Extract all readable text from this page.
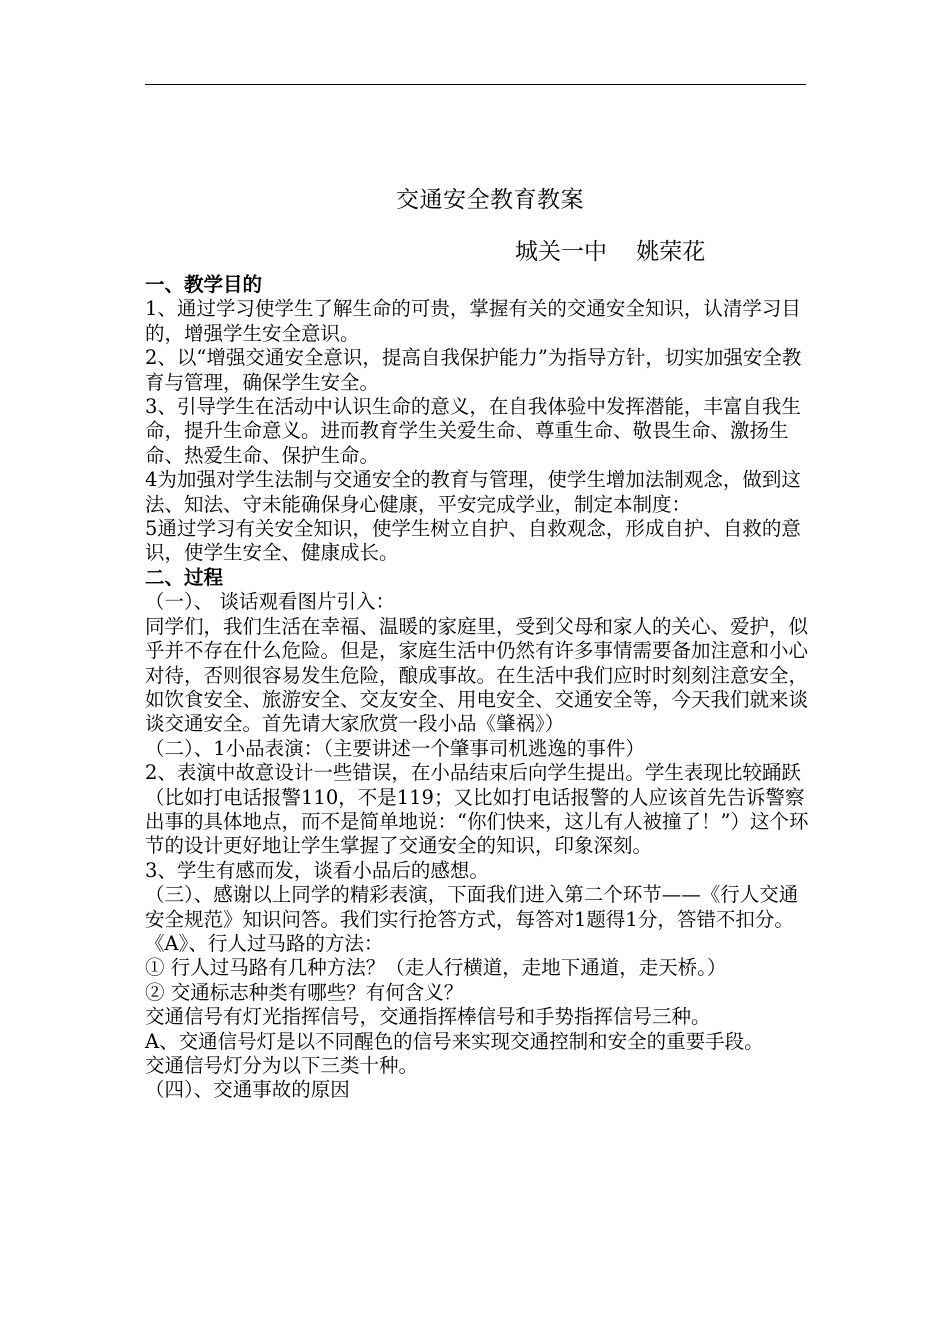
交通安全教育教案
城关一中    姚荣花

一、教学目的

1、通过学习使学生了解生命的可贵，掌握有关的交通安全知识，认清学习目的，增强学生安全意识。

2、以“增强交通安全意识，提高自我保护能力”为指导方针，切实加强安全教育与管理，确保学生安全。

3、引导学生在活动中认识生命的意义，在自我体验中发挥潜能，丰富自我生命，提升生命意义。进而教育学生关爱生命、尊重生命、敬畏生命、激扬生命、热爱生命、保护生命。

4为加强对学生法制与交通安全的教育与管理，使学生增加法制观念，做到这法、知法、守未能确保身心健康，平安完成学业，制定本制度：

5通过学习有关安全知识，使学生树立自护、自救观念，形成自护、自救的意识，使学生安全、健康成长。

二、过程

（一）、 谈话观看图片引入：

同学们，我们生活在幸福、温暖的家庭里，受到父母和家人的关心、爱护，似乎并不存在什么危险。但是，家庭生活中仍然有许多事情需要备加注意和小心对待，否则很容易发生危险，酿成事故。在生活中我们应时时刻刻注意安全，如饮食安全、旅游安全、交友安全、用电安全、交通安全等，今天我们就来谈谈交通安全。首先请大家欣赏一段小品《肇祸》）

（二）、1小品表演：（主要讲述一个肇事司机逃逸的事件）

2、表演中故意设计一些错误，在小品结束后向学生提出。学生表现比较踊跃（比如打电话报警110，不是119；又比如打电话报警的人应该首先告诉警察出事的具体地点，而不是简单地说：“你们快来，这儿有人被撞了！”）这个环节的设计更好地让学生掌握了交通安全的知识，印象深刻。

3、学生有感而发，谈看小品后的感想。

（三）、感谢以上同学的精彩表演，下面我们进入第二个环节——《行人交通安全规范》知识问答。我们实行抢答方式，每答对1题得1分，答错不扣分。

《A》、行人过马路的方法：

① 行人过马路有几种方法？（走人行横道，走地下通道，走天桥。）

② 交通标志种类有哪些？有何含义？

交通信号有灯光指挥信号，交通指挥棒信号和手势指挥信号三种。

A、交通信号灯是以不同醒色的信号来实现交通控制和安全的重要手段。

交通信号灯分为以下三类十种。

（四）、交通事故的原因
